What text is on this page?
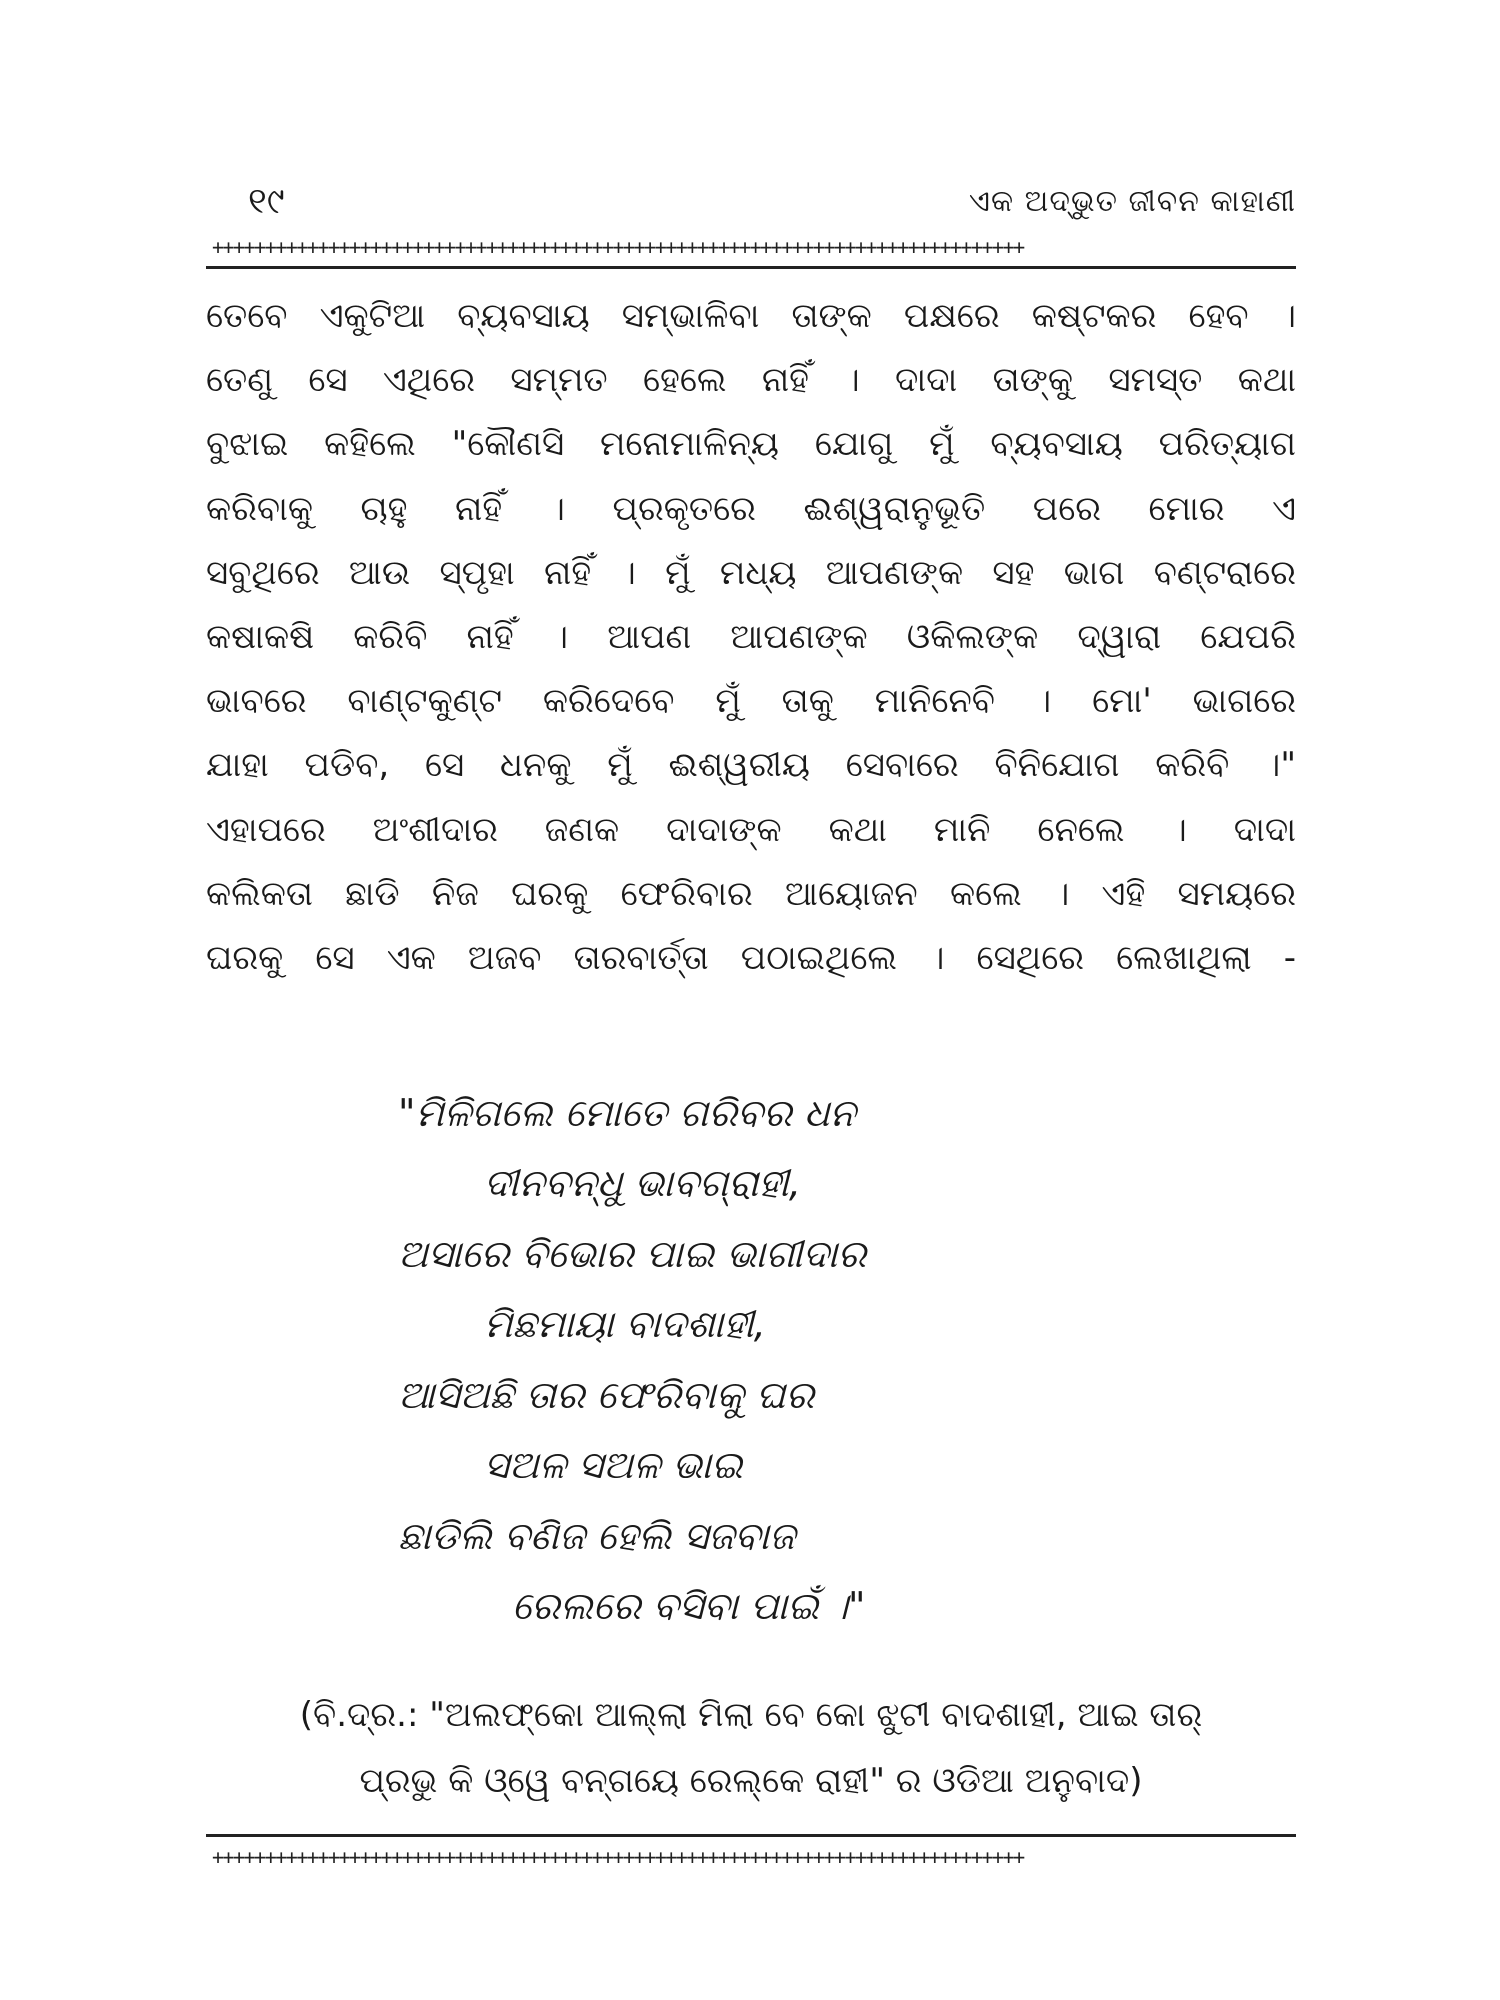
୧୯	ଏକ ଅଦ୍ଭୁତ ଜୀବନ କାହାଣୀ
+++++++++++++++++++++++++++++++++++++++++++++++++++++++++++++++++++++++++++++
ତେବେ ଏକୁଟିଆ ବ୍ୟବସାୟ ସମ୍ଭାଳିବା ତାଙ୍କ ପକ୍ଷରେ କଷ୍ଟକର ହେବ ।
ତେଣୁ ସେ ଏଥିରେ ସମ୍ମତ ହେଲେ ନାହିଁ । ଦାଦା ତାଙ୍କୁ ସମସ୍ତ କଥା
ବୁଝାଇ କହିଲେ "କୌଣସି ମନୋମାଳିନ୍ୟ ଯୋଗୁ ମୁଁ ବ୍ୟବସାୟ ପରିତ୍ୟାଗ
କରିବାକୁ ଚାହୁ ନାହିଁ । ପ୍ରକୃତରେ ଈଶ୍ୱରାନୁଭୂତି ପରେ ମୋର ଏ
ସବୁଥିରେ ଆଉ ସ୍ପୃହା ନାହିଁ । ମୁଁ ମଧ୍ୟ ଆପଣଙ୍କ ସହ ଭାଗ ବଣ୍ଟରାରେ
କଷାକଷି କରିବି ନାହିଁ । ଆପଣ ଆପଣଙ୍କ ଓକିଲଙ୍କ ଦ୍ୱାରା ଯେପରି
ଭାବରେ ବାଣ୍ଟକୁଣ୍ଟ କରିଦେବେ ମୁଁ ତାକୁ ମାନିନେବି । ମୋ' ଭାଗରେ
ଯାହା ପଡିବ, ସେ ଧନକୁ ମୁଁ ଈଶ୍ୱରୀୟ ସେବାରେ ବିନିଯୋଗ କରିବି ।"
ଏହାପରେ ଅଂଶୀଦାର ଜଣକ ଦାଦାଙ୍କ କଥା ମାନି ନେଲେ । ଦାଦା
କଲିକତା ଛାଡି ନିଜ ଘରକୁ ଫେରିବାର ଆୟୋଜନ କଲେ । ଏହି ସମୟରେ
ଘରକୁ ସେ ଏକ ଅଜବ ତାରବାର୍ତ୍ତା ପଠାଇଥିଲେ । ସେଥିରେ ଲେଖାଥିଲା -
"ମିଳିଗଲେ ମୋତେ ଗରିବର ଧନ
ଦୀନବନ୍ଧୁ ଭାବଗ୍ରାହୀ,
ଅସାରେ ବିଭୋର ପାଇ ଭାଗୀଦାର
ମିଛମାୟା ବାଦଶାହୀ,
ଆସିଅଛି ତାର ଫେରିବାକୁ ଘର
ସଅଳ ସଅଳ ଭାଇ
ଛାଡିଲି ବଣିଜ ହେଲି ସଜବାଜ
ରେଲରେ ବସିବା ପାଇଁ ।"
(ବି.ଦ୍ର.: "ଅଲଫ୍‌କୋ ଆଲ୍ଲା ମିଲା ବେ କୋ ଝୁଟୀ ବାଦଶାହୀ, ଆଇ ତାର୍
ପ୍ରଭୁ କି ଓ୍ୱେ ବନ୍‌ଗୟେ ରେଲ୍‌କେ ରାହୀ" ର ଓଡିଆ ଅନୁବାଦ)
+++++++++++++++++++++++++++++++++++++++++++++++++++++++++++++++++++++++++++++
